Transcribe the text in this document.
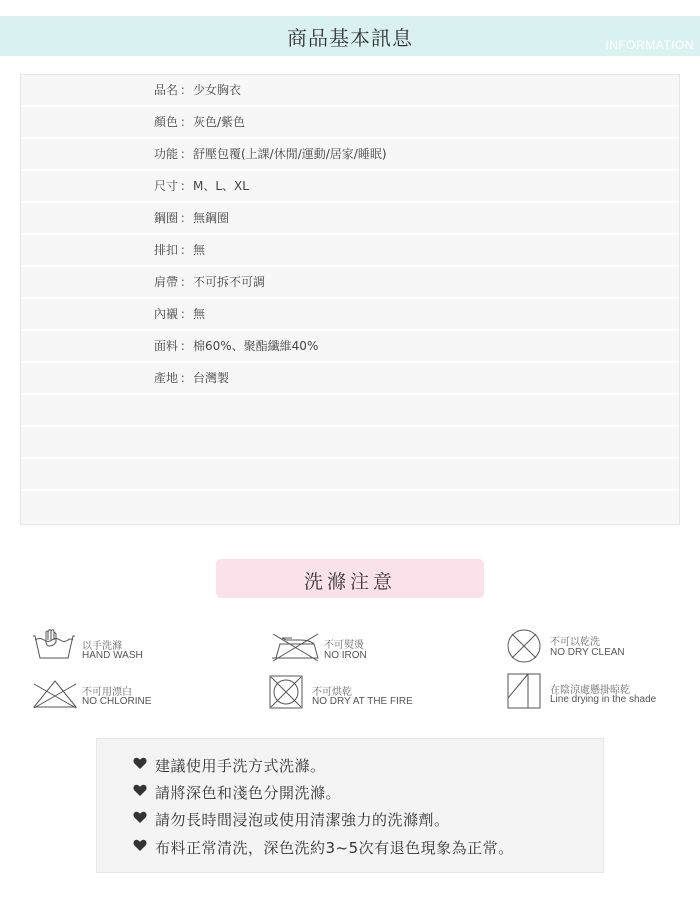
商品基本訊息	INFORMATION
品名 ： 少女胸衣
顏色 ： 灰色/紫色
功能 ： 舒壓包覆(上課/休閒/運動/居家/睡眠)
尺寸 ： M、L、XL
鋼圈 ： 無鋼圈
排扣 ： 無
肩帶 ： 不可拆不可調
內襯 ： 無
面料 ： 棉60%、聚酯纖維40%
產地 ： 台灣製
洗滌注意
以手洗滌
HAND WASH
不可熨燙
NO IRON
不可以乾洗
NO DRY CLEAN
不可用漂白
NO CHLORINE
不可烘乾
NO DRY AT THE FIRE
在陰涼處懸掛晾乾
Line drying in the shade
建議使用手洗方式洗滌。
請將深色和淺色分開洗滌。
請勿長時間浸泡或使用清潔強力的洗滌劑。
布料正常清洗，深色洗約3~5次有退色現象為正常。
